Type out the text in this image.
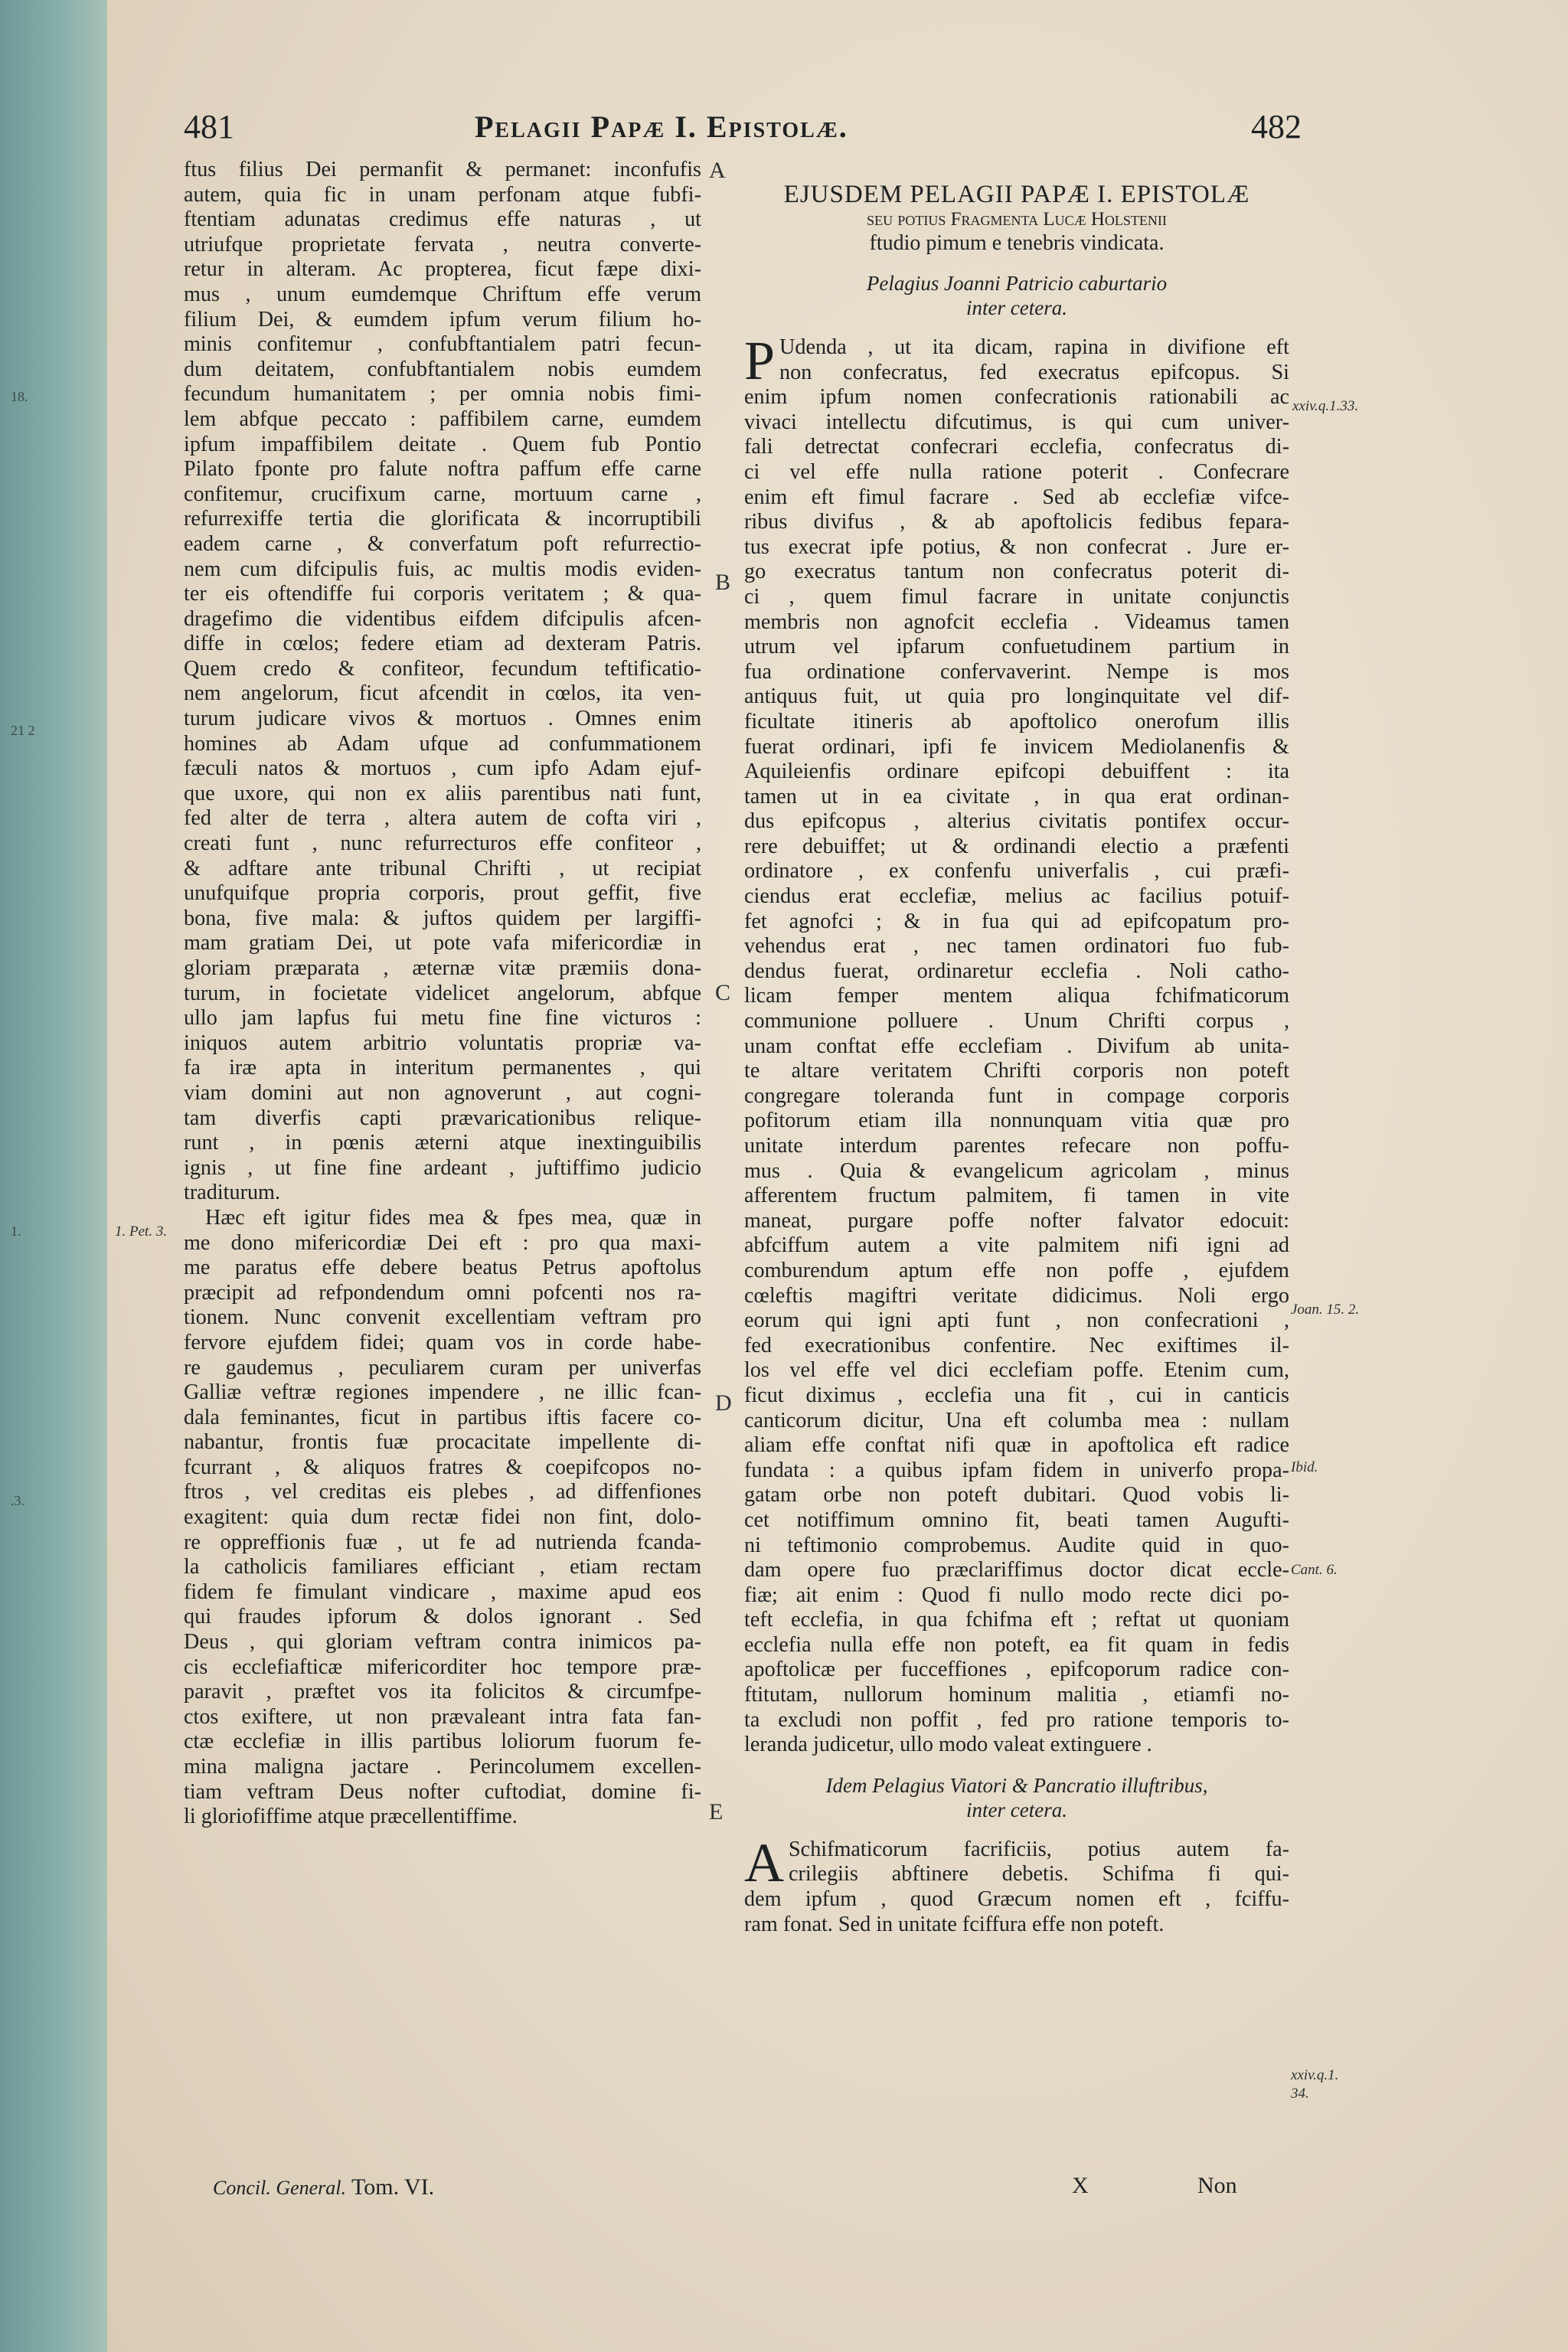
18.
21 2
1.
.3.
481	Pelagii Papæ I. Epistolæ.	482
ftus filius Dei permanfit & permanet: inconfufis
autem, quia fic in unam perfonam atque fubfi-
ftentiam adunatas credimus effe naturas , ut
utriufque proprietate fervata , neutra converte-
retur in alteram. Ac propterea, ficut fæpe dixi-
mus , unum eumdemque Chriftum effe verum
filium Dei, & eumdem ipfum verum filium ho-
minis confitemur , confubftantialem patri fecun-
dum deitatem, confubftantialem nobis eumdem
fecundum humanitatem ; per omnia nobis fimi-
lem abfque peccato : paffibilem carne, eumdem
ipfum impaffibilem deitate . Quem fub Pontio
Pilato fponte pro falute noftra paffum effe carne
confitemur, crucifixum carne, mortuum carne ,
refurrexiffe tertia die glorificata & incorruptibili
eadem carne , & converfatum poft refurrectio-
nem cum difcipulis fuis, ac multis modis eviden-
ter eis oftendiffe fui corporis veritatem ; & qua-
dragefimo die videntibus eifdem difcipulis afcen-
diffe in cœlos; federe etiam ad dexteram Patris.
Quem credo & confiteor, fecundum teftificatio-
nem angelorum, ficut afcendit in cœlos, ita ven-
turum judicare vivos & mortuos . Omnes enim
homines ab Adam ufque ad confummationem
fæculi natos & mortuos , cum ipfo Adam ejuf-
que uxore, qui non ex aliis parentibus nati funt,
fed alter de terra , altera autem de cofta viri ,
creati funt , nunc refurrecturos effe confiteor ,
& adftare ante tribunal Chrifti , ut recipiat
unufquifque propria corporis, prout geffit, five
bona, five mala: & juftos quidem per largiffi-
mam gratiam Dei, ut pote vafa mifericordiæ in
gloriam præparata , æternæ vitæ præmiis dona-
turum, in focietate videlicet angelorum, abfque
ullo jam lapfus fui metu fine fine victuros :
iniquos autem arbitrio voluntatis propriæ va-
fa iræ apta in interitum permanentes , qui
viam domini aut non agnoverunt , aut cogni-
tam diverfis capti prævaricationibus relique-
runt , in pœnis æterni atque inextinguibilis
ignis , ut fine fine ardeant , juftiffimo judicio
traditurum.
Hæc eft igitur fides mea & fpes mea, quæ in
me dono mifericordiæ Dei eft : pro qua maxi-
me paratus effe debere beatus Petrus apoftolus
præcipit ad refpondendum omni pofcenti nos ra-
tionem. Nunc convenit excellentiam veftram pro
fervore ejufdem fidei; quam vos in corde habe-
re gaudemus , peculiarem curam per univerfas
Galliæ veftræ regiones impendere , ne illic fcan-
dala feminantes, ficut in partibus iftis facere co-
nabantur, frontis fuæ procacitate impellente di-
fcurrant , & aliquos fratres & coepifcopos no-
ftros , vel creditas eis plebes , ad diffenfiones
exagitent: quia dum rectæ fidei non fint, dolo-
re oppreffionis fuæ , ut fe ad nutrienda fcanda-
la catholicis familiares efficiant , etiam rectam
fidem fe fimulant vindicare , maxime apud eos
qui fraudes ipforum & dolos ignorant . Sed
Deus , qui gloriam veftram contra inimicos pa-
cis ecclefiafticæ mifericorditer hoc tempore præ-
paravit , præftet vos ita folicitos & circumfpe-
ctos exiftere, ut non prævaleant intra fata fan-
ctæ ecclefiæ in illis partibus loliorum fuorum fe-
mina maligna jactare . Perincolumem excellen-
tiam veftram Deus nofter cuftodiat, domine fi-
li gloriofiffime atque præcellentiffime.
EJUSDEM PELAGII PAPÆ I. EPISTOLÆ
seu potius Fragmenta Lucæ Holstenii
ftudio pimum e tenebris vindicata.
Pelagius Joanni Patricio caburtario
inter cetera.
P Udenda , ut ita dicam, rapina in divifione eft
non confecratus, fed execratus epifcopus. Si
enim ipfum nomen confecrationis rationabili ac
vivaci intellectu difcutimus, is qui cum univer-
fali detrectat confecrari ecclefia, confecratus di-
ci vel effe nulla ratione poterit . Confecrare
enim eft fimul facrare . Sed ab ecclefiæ vifce-
ribus divifus , & ab apoftolicis fedibus fepara-
tus execrat ipfe potius, & non confecrat . Jure er-
go execratus tantum non confecratus poterit di-
ci , quem fimul facrare in unitate conjunctis
membris non agnofcit ecclefia . Videamus tamen
utrum vel ipfarum confuetudinem partium in
fua ordinatione confervaverint. Nempe is mos
antiquus fuit, ut quia pro longinquitate vel dif-
ficultate itineris ab apoftolico onerofum illis
fuerat ordinari, ipfi fe invicem Mediolanenfis &
Aquileienfis ordinare epifcopi debuiffent : ita
tamen ut in ea civitate , in qua erat ordinan-
dus epifcopus , alterius civitatis pontifex occur-
rere debuiffet; ut & ordinandi electio a præfenti
ordinatore , ex confenfu univerfalis , cui præfi-
ciendus erat ecclefiæ, melius ac facilius potuif-
fet agnofci ; & in fua qui ad epifcopatum pro-
vehendus erat , nec tamen ordinatori fuo fub-
dendus fuerat, ordinaretur ecclefia . Noli catho-
licam femper mentem aliqua fchifmaticorum
communione polluere . Unum Chrifti corpus ,
unam conftat effe ecclefiam . Divifum ab unita-
te altare veritatem Chrifti corporis non poteft
congregare toleranda funt in compage corporis
pofitorum etiam illa nonnunquam vitia quæ pro
unitate interdum parentes refecare non poffu-
mus . Quia & evangelicum agricolam , minus
afferentem fructum palmitem, fi tamen in vite
maneat, purgare poffe nofter falvator edocuit:
abfciffum autem a vite palmitem nifi igni ad
comburendum aptum effe non poffe , ejufdem
cœleftis magiftri veritate didicimus. Noli ergo
eorum qui igni apti funt , non confecrationi ,
fed execrationibus confentire. Nec exiftimes il-
los vel effe vel dici ecclefiam poffe. Etenim cum,
ficut diximus , ecclefia una fit , cui in canticis
canticorum dicitur, Una eft columba mea : nullam
aliam effe conftat nifi quæ in apoftolica eft radice
fundata : a quibus ipfam fidem in univerfo propa-
gatam orbe non poteft dubitari. Quod vobis li-
cet notiffimum omnino fit, beati tamen Augufti-
ni teftimonio comprobemus. Audite quid in quo-
dam opere fuo præclariffimus doctor dicat eccle-
fiæ; ait enim : Quod fi nullo modo recte dici po-
teft ecclefia, in qua fchifma eft ; reftat ut quoniam
ecclefia nulla effe non poteft, ea fit quam in fedis
apoftolicæ per fucceffiones , epifcoporum radice con-
ftitutam, nullorum hominum malitia , etiamfi no-
ta excludi non poffit , fed pro ratione temporis to-
leranda judicetur, ullo modo valeat extinguere .
Idem Pelagius Viatori & Pancratio illuftribus,
inter cetera.
A Schifmaticorum facrificiis, potius autem fa-
crilegiis abftinere debetis. Schifma fi qui-
dem ipfum , quod Græcum nomen eft , fciffu-
ram fonat. Sed in unitate fciffura effe non poteft.
A
B
C
D
E
1. Pet. 3.
xxiv.q.1.33.
Joan. 15. 2.
Ibid.
Cant. 6.
xxiv.q.1.
34.
Concil. General. Tom. VI.	X	Non
